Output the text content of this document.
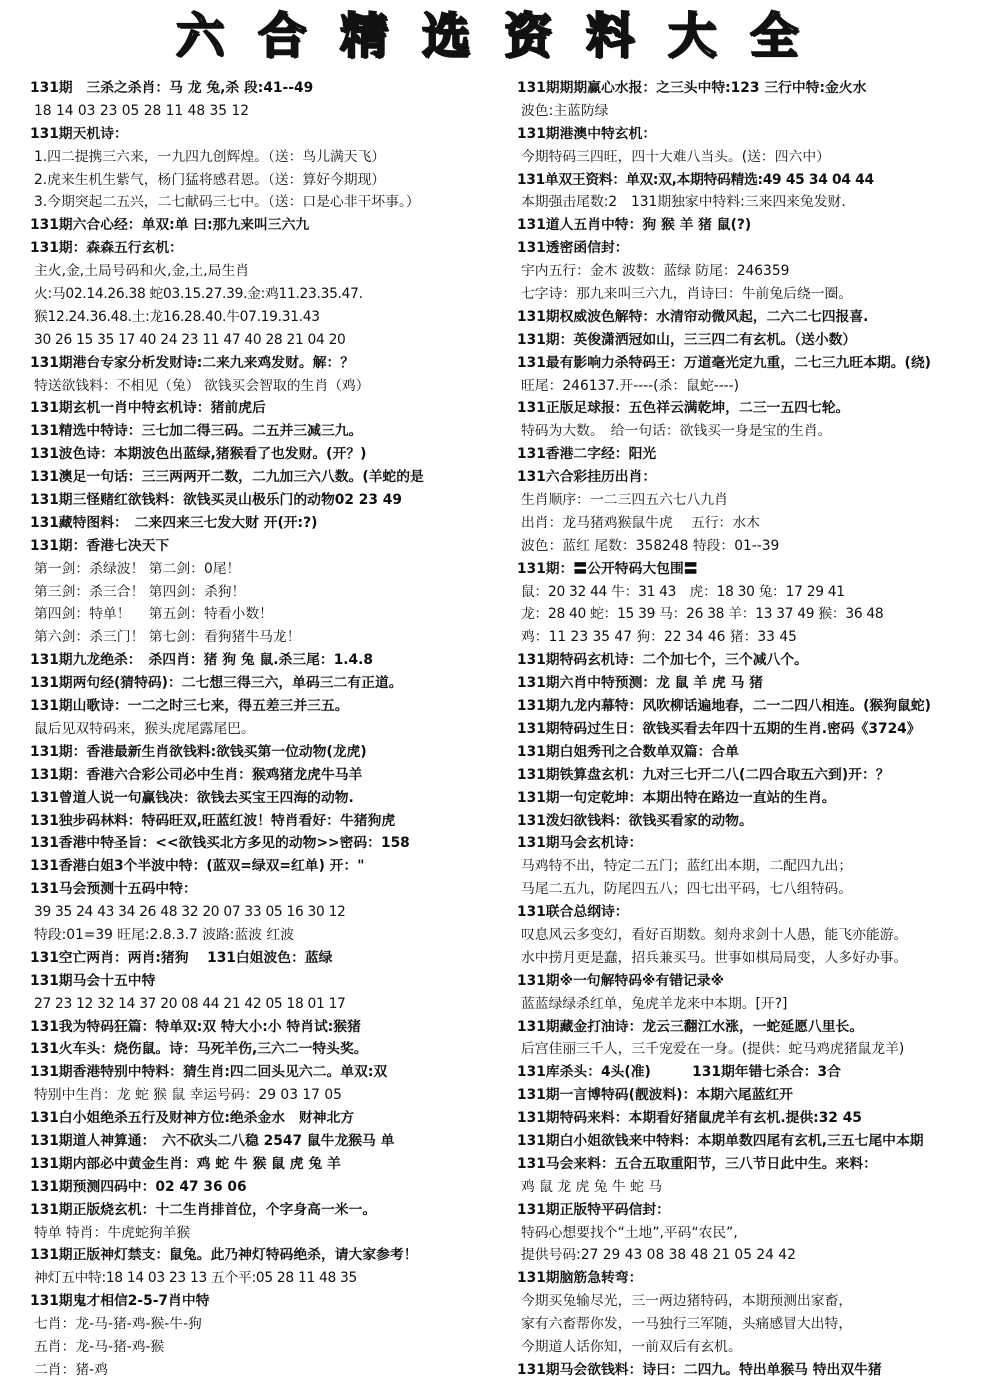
六合精选资料大全
131期　三杀之杀肖：马 龙 兔,杀 段:41--49
18 14 03 23 05 28 11 48 35 12
131期天机诗：
1.四二提携三六来，一九四九创辉煌。（送：鸟儿满天飞）
2.虎来生机生紫气，杨门猛将感君恩。（送：算好今期现）
3.今期突起二五兴，二七献码三七中。（送：口是心非干坏事。）
131期六合心经：单双:单 曰:那九来叫三六九
131期：森森五行玄机：
主火,金,土局号码和火,金,土,局生肖
火:马02.14.26.38 蛇03.15.27.39.金:鸡11.23.35.47.
猴12.24.36.48.土:龙16.28.40.牛07.19.31.43
30 26 15 35 17 40 24 23 11 47 40 28 21 04 20
131期港台专家分析发财诗:二来九来鸡发财。解：？
特送欲钱料：不相见（兔） 欲钱买会智取的生肖（鸡）
131期玄机一肖中特玄机诗：猪前虎后
131精选中特诗：三七加二得三码。二五并三减三九。
131波色诗：本期波色出蓝绿,猪猴看了也发财。(开？)
131澳足一句话：三三两两开二数，二九加三六八数。(羊蛇的是
131期三怪赌红欲钱料：欲钱买灵山极乐门的动物02 23 49
131藏特图料：　二来四来三七发大财 开(开:?)
131期：香港七决天下
第一剑：杀绿波！ 第二剑：0尾！
第三剑：杀三合！ 第四剑：杀狗！
第四剑：特单！　 第五剑：特看小数！
第六剑：杀三门！ 第七剑：看狗猪牛马龙！
131期九龙绝杀：　杀四肖：猪 狗 兔 鼠.杀三尾：1.4.8
131期两句经(猜特码)：二七想三得三六，单码三二有正道。
131期山歌诗：一二之时三七来，得五差三并三五。
鼠后见双特码来，猴头虎尾露尾巴。
131期：香港最新生肖欲钱料:欲钱买第一位动物(龙虎)
131期：香港六合彩公司必中生肖：猴鸡猪龙虎牛马羊
131曾道人说一句赢钱决：欲钱去买宝王四海的动物.
131独步码林料：特码旺双,旺蓝红波！特肖看好：牛猪狗虎
131香港中特圣旨：<<欲钱买北方多见的动物>>密码：158
131香港白姐3个半波中特：(蓝双=绿双=红单) 开："
131马会预测十五码中特：
39 35 24 43 34 26 48 32 20 07 33 05 16 30 12
特段:01=39 旺尾:2.8.3.7 波路:蓝波 红波
131空亡两肖：两肖:猪狗　 131白姐波色：蓝绿
131期马会十五中特
27 23 12 32 14 37 20 08 44 21 42 05 18 01 17
131我为特码狂篇：特单双:双 特大小:小 特肖试:猴猪
131火车头：烧伤鼠。诗：马死羊伤,三六二一特头奖。
131期香港特别中特料：猜生肖:四二回头见六二。单双:双
特别中生肖：龙 蛇 猴 鼠 幸运号码：29 03 17 05
131白小姐绝杀五行及财神方位:绝杀金水　财神北方
131期道人神算通：　六不砍头二八稳 2547 鼠牛龙猴马 单
131期内部必中黄金生肖：鸡 蛇 牛 猴 鼠 虎 兔 羊
131期预测四码中：02 47 36 06
131期正版烧玄机：十二生肖排首位，个字身高一米一。
特单 特肖：牛虎蛇狗羊猴
131期正版神灯禁支：鼠兔。此乃神灯特码绝杀，请大家参考！
神灯五中特:18 14 03 23 13 五个平:05 28 11 48 35
131期鬼才相信2-5-7肖中特
七肖：龙-马-猪-鸡-猴-牛-狗
五肖：龙-马-猪-鸡-猴
二肖：猪-鸡
131期期期赢心水报：之三头中特:123 三行中特:金火水
波色:主蓝防绿
131期港澳中特玄机：
今期特码三四旺，四十大难八当头。(送：四六中）
131单双王资料：单双:双,本期特码精选:49 45 34 04 44
本期强击尾数:2　131期独家中特料:三来四来兔发财.
131道人五肖中特：狗 猴 羊 猪 鼠(?)
131透密函信封：
宇内五行：金木 波数：蓝绿 防尾：246359
七字诗：那九来叫三六九，肖诗曰：牛前兔后绕一圈。
131期权威波色解特：水清帘动微风起，二六二七四报喜.
131期：英俊潇洒冠如山，三三四二有玄机。（送小数）
131最有影响力杀特码王：万道毫光定九重，二七三九旺本期。(绕)
旺尾：246137.开----(杀：鼠蛇----)
131正版足球报：五色祥云满乾坤，二三一五四七轮。
特码为大数。　给一句话：欲钱买一身是宝的生肖。
131香港二字经：阳光
131六合彩挂历出肖：
生肖顺序：一二三四五六七八九肖
出肖：龙马猪鸡猴鼠牛虎　 五行：水木
波色：蓝红 尾数：358248 特段：01--39
131期：〓公开特码大包围〓
鼠：20 32 44 牛：31 43　虎：18 30 兔：17 29 41
龙：28 40 蛇：15 39 马：26 38 羊：13 37 49 猴：36 48
鸡：11 23 35 47 狗：22 34 46 猪：33 45
131期特码玄机诗：二个加七个，三个减八个。
131期六肖中特预测：龙 鼠 羊 虎 马 猪
131期九龙内幕特：风吹柳话遍地春，二一二四八相连。(猴狗鼠蛇)
131期特码过生日：欲钱买看去年四十五期的生肖.密码《3724》
131期白姐秀刊之合数单双篇：合单
131期铁算盘玄机：九对三七开二八(二四合取五六到)开：？
131期一句定乾坤：本期出特在路边一直站的生肖。
131泼妇欲钱料：欲钱买看家的动物。
131期马会玄机诗：
马鸡特不出，特定二五门；蓝红出本期，二配四九出；
马尾二五九，防尾四五八；四七出平码，七八组特码。
131联合总纲诗：
叹息风云多变幻，看好百期数。刻舟求剑十人愚，能飞亦能游。
水中捞月更是蠢，招兵兼买马。世事如棋局局变，人多好办事。
131期※一句解特码※有错记录※
蓝蓝绿绿杀红单，兔虎羊龙来中本期。[开?]
131期藏金打油诗：龙云三翻江水涨，一蛇延愿八里长。
后宫佳丽三千人，三千宠爱在一身。(提供：蛇马鸡虎猪鼠龙羊)
131库杀头：4头(准)　　　131期年错七杀合：3合
131期一言博特码(靓波料)：本期六尾蓝红开
131期特码来料：本期看好猪鼠虎羊有玄机.提供:32 45
131期白小姐欲钱来中特料：本期单数四尾有玄机,三五七尾中本期
131马会来料：五合五取重阳节，三八节日此中生。来料：
鸡 鼠 龙 虎 兔 牛 蛇 马
131期正版特平码信封：
特码心想要找个“土地”,平码“农民”,
提供号码:27 29 43 08 38 48 21 05 24 42
131期脑筋急转弯：
今期买兔输尽光，三一两边猪特码，本期预测出家畜，
家有六畜帮你发，一马独行三军随，头痛感冒大出特，
今期道人话你知，一前双后有玄机。
131期马会欲钱料：诗曰：二四九。特出单猴马 特出双牛猪
